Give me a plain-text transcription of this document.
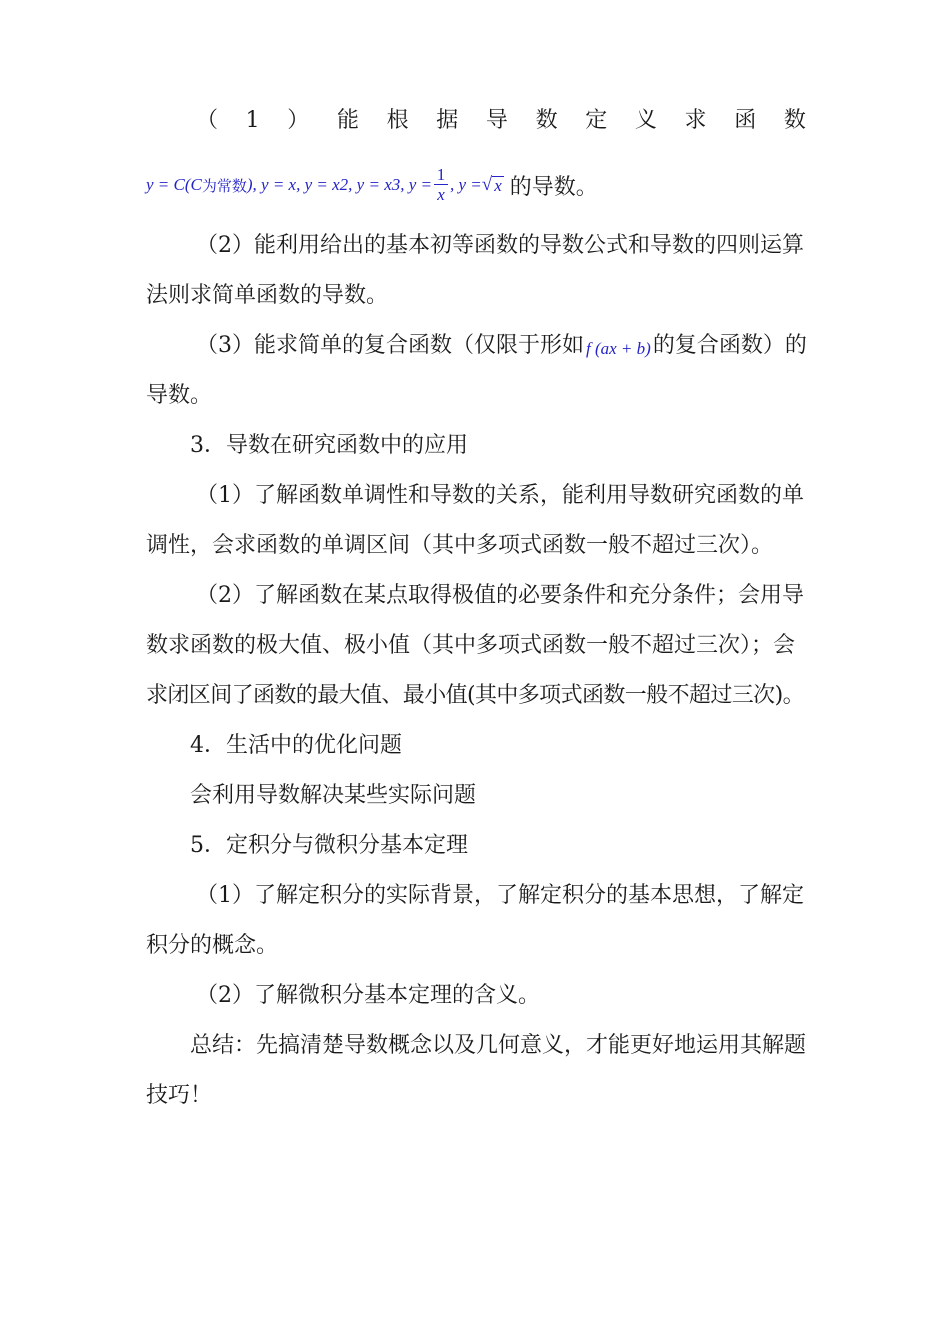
（ 1 ） 能 根 据 导 数 定 义 求 函 数
y = C(C 为常数 ), y = x, y = x 2 , y = x 3 , $y = \frac{1}{x}$ , y = √ x 的导数。
（2）能利用给出的基本初等函数的导数公式和导数的四则运算
法则求简单函数的导数。
（3）能求简单的复合函数（仅限于形如 f (ax + b)的复合函数）的
导数。
3．导数在研究函数中的应用
（1）了解函数单调性和导数的关系，能利用导数研究函数的单
调性，会求函数的单调区间（其中多项式函数一般不超过三次）。
（2）了解函数在某点取得极值的必要条件和充分条件；会用导
数求函数的极大值、极小值（其中多项式函数一般不超过三次）；会
求闭区间了函数的最大值、最小值(其中多项式函数一般不超过三次)。
4．生活中的优化问题
会利用导数解决某些实际问题
5．定积分与微积分基本定理
（1）了解定积分的实际背景，了解定积分的基本思想，了解定
积分的概念。
（2）了解微积分基本定理的含义。
总结：先搞清楚导数概念以及几何意义，才能更好地运用其解题
技巧！
